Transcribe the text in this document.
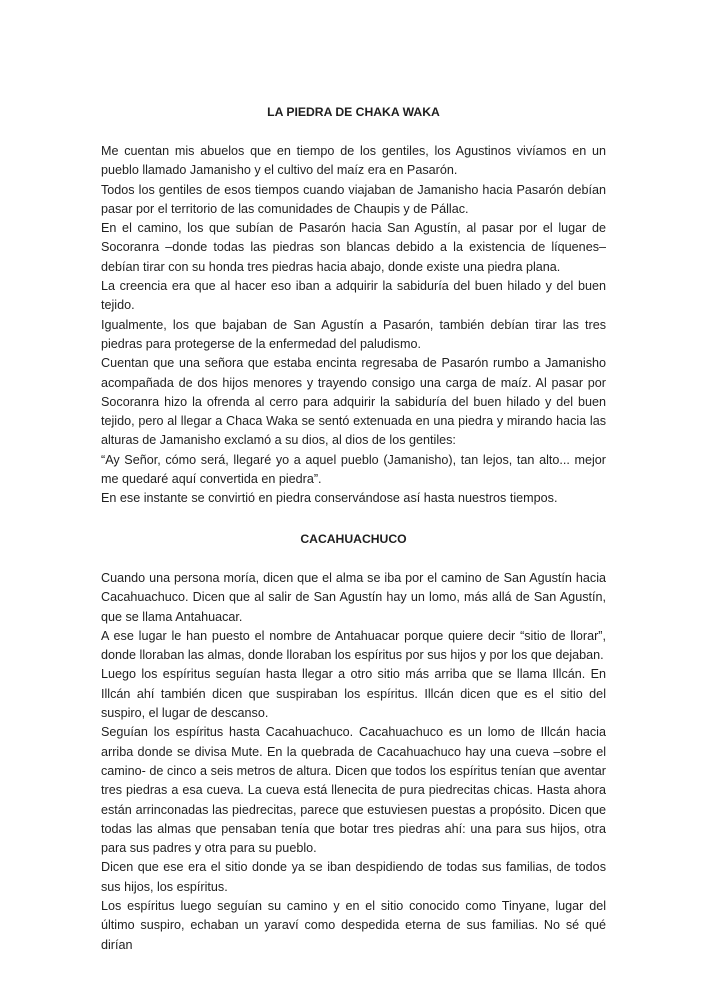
LA PIEDRA DE CHAKA WAKA

Me cuentan mis abuelos que en tiempo de los gentiles, los Agustinos vivíamos en un pueblo llamado Jamanisho y el cultivo del maíz era en Pasarón.

Todos los gentiles de esos tiempos cuando viajaban de Jamanisho hacia Pasarón debían pasar por el territorio de las comunidades de Chaupis y de Pállac.

En el camino, los que subían de Pasarón hacia San Agustín, al pasar por el lugar de Socoranra –donde todas las piedras son blancas debido a la existencia de líquenes– debían tirar con su honda tres piedras hacia abajo, donde existe una piedra plana.

La creencia era que al hacer eso iban a adquirir la sabiduría del buen hilado y del buen tejido.

Igualmente, los que bajaban de San Agustín a Pasarón, también debían tirar las tres piedras para protegerse de la enfermedad del paludismo.

Cuentan que una señora que estaba encinta regresaba de Pasarón rumbo a Jamanisho acompañada de dos hijos menores y trayendo consigo una carga de maíz. Al pasar por Socoranra hizo la ofrenda al cerro para adquirir la sabiduría del buen hilado y del buen tejido, pero al llegar a Chaca Waka se sentó extenuada en una piedra y mirando hacia las alturas de Jamanisho exclamó a su dios, al dios de los gentiles:

“Ay Señor, cómo será, llegaré yo a aquel pueblo (Jamanisho), tan lejos, tan alto... mejor me quedaré aquí convertida en piedra”.

En ese instante se convirtió en piedra conservándose así hasta nuestros tiempos.

CACAHUACHUCO

Cuando una persona moría, dicen que el alma se iba por el camino de San Agustín hacia Cacahuachuco. Dicen que al salir de San Agustín hay un lomo, más allá de San Agustín, que se llama Antahuacar.

A ese lugar le han puesto el nombre de Antahuacar porque quiere decir “sitio de llorar”, donde lloraban las almas, donde lloraban los espíritus por sus hijos y por los que dejaban.

Luego los espíritus seguían hasta llegar a otro sitio más arriba que se llama Illcán. En Illcán ahí también dicen que suspiraban los espíritus. Illcán dicen que es el sitio del suspiro, el lugar de descanso.

Seguían los espíritus hasta Cacahuachuco. Cacahuachuco es un lomo de Illcán hacia arriba donde se divisa Mute. En la quebrada de Cacahuachuco hay una cueva –sobre el camino- de cinco a seis metros de altura. Dicen que todos los espíritus tenían que aventar tres piedras a esa cueva. La cueva está llenecita de pura piedrecitas chicas. Hasta ahora están arrinconadas las piedrecitas, parece que estuviesen puestas a propósito. Dicen que todas las almas que pensaban tenía que botar tres piedras ahí: una para sus hijos, otra para sus padres y otra para su pueblo.

Dicen que ese era el sitio donde ya se iban despidiendo de todas sus familias, de todos sus hijos, los espíritus.

Los espíritus luego seguían su camino y en el sitio conocido como Tinyane, lugar del último suspiro, echaban un yaraví como despedida eterna de sus familias. No sé qué dirían
